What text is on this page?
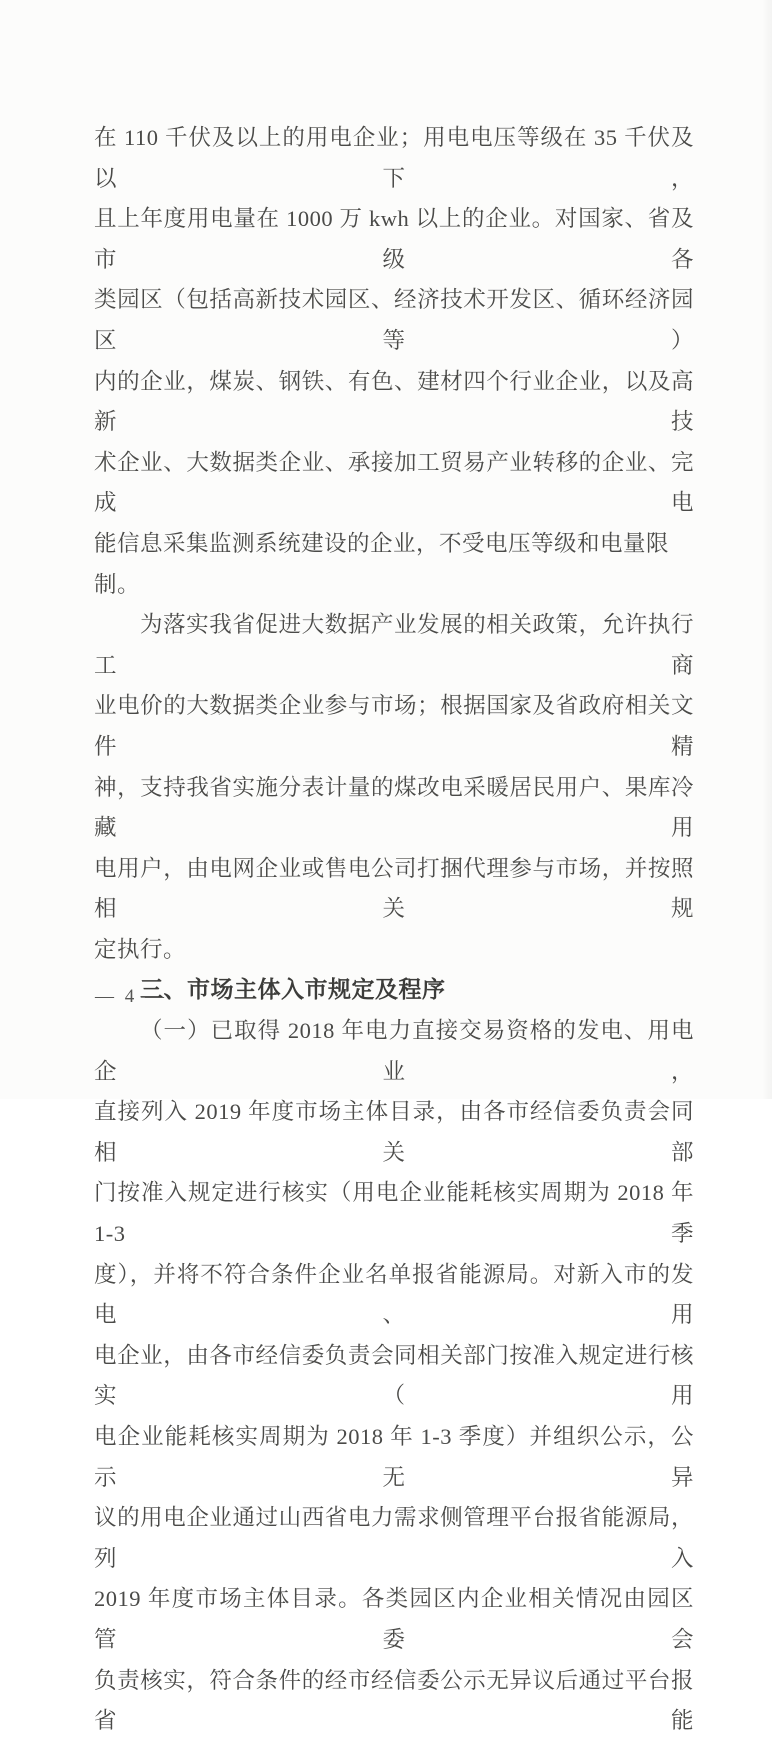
在 110 千伏及以上的用电企业；用电电压等级在 35 千伏及以下，

且上年度用电量在 1000 万 kwh 以上的企业。对国家、省及市级各

类园区（包括高新技术园区、经济技术开发区、循环经济园区等）

内的企业，煤炭、钢铁、有色、建材四个行业企业，以及高新技

术企业、大数据类企业、承接加工贸易产业转移的企业、完成电

能信息采集监测系统建设的企业，不受电压等级和电量限制。

为落实我省促进大数据产业发展的相关政策，允许执行工商

业电价的大数据类企业参与市场；根据国家及省政府相关文件精

神，支持我省实施分表计量的煤改电采暖居民用户、果库冷藏用

电用户，由电网企业或售电公司打捆代理参与市场，并按照相关规

定执行。

三、市场主体入市规定及程序

（一）已取得 2018 年电力直接交易资格的发电、用电企业，

直接列入 2019 年度市场主体目录，由各市经信委负责会同相关部

门按准入规定进行核实（用电企业能耗核实周期为 2018 年 1-3 季

度），并将不符合条件企业名单报省能源局。对新入市的发电、用

电企业，由各市经信委负责会同相关部门按准入规定进行核实（用

电企业能耗核实周期为 2018 年 1-3 季度）并组织公示，公示无异

议的用电企业通过山西省电力需求侧管理平台报省能源局，列入

2019 年度市场主体目录。各类园区内企业相关情况由园区管委会

负责核实，符合条件的经市经信委公示无异议后通过平台报省能

— 4 —
